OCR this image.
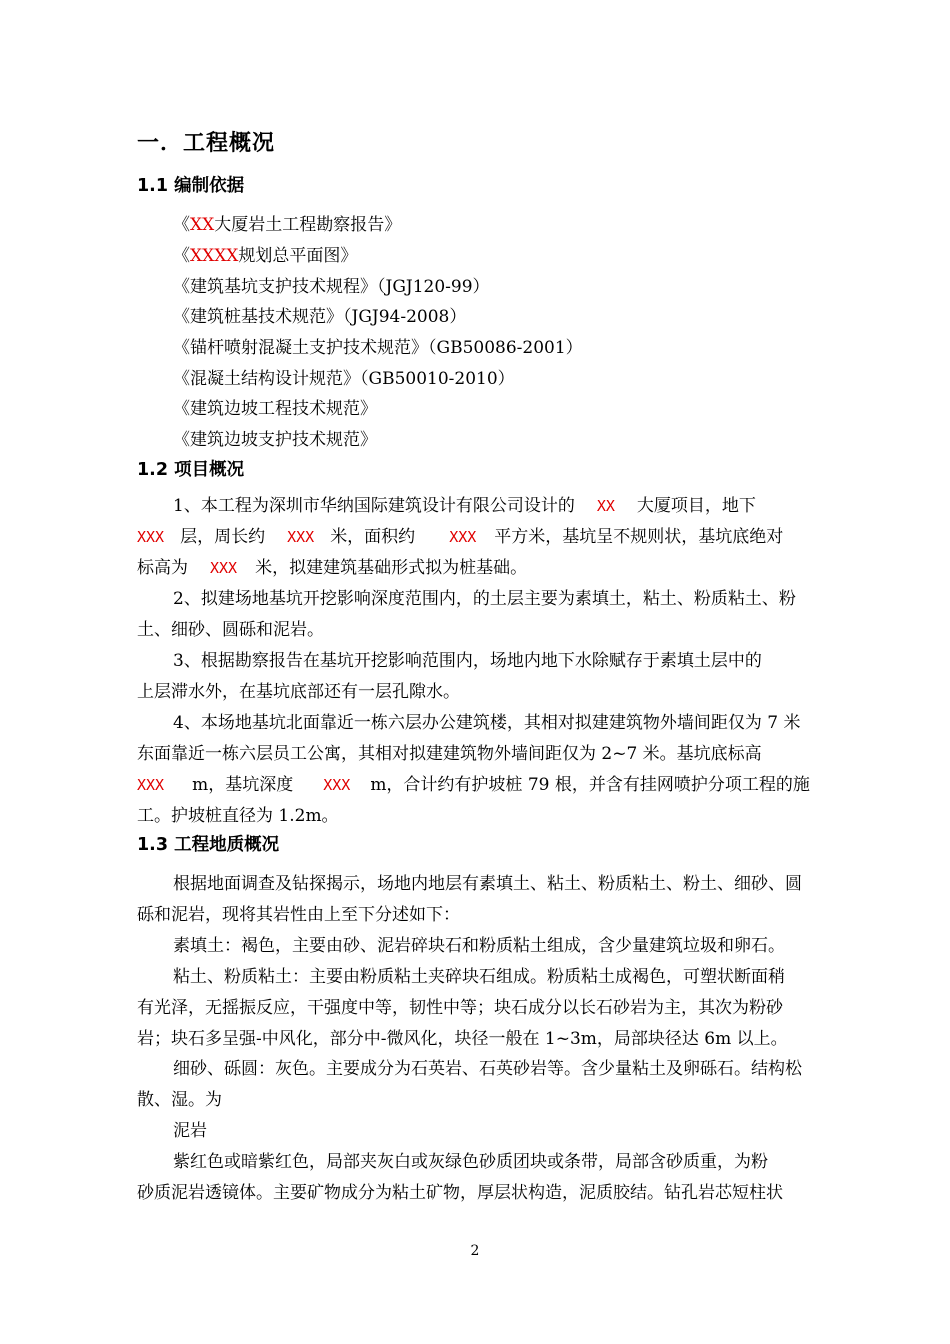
一．工程概况
1.1 编制依据
《XX大厦岩土工程勘察报告》
《XXXX规划总平面图》
《建筑基坑支护技术规程》（JGJ120-99）
《建筑桩基技术规范》（JGJ94-2008）
《锚杆喷射混凝土支护技术规范》（GB50086-2001）
《混凝土结构设计规范》（GB50010-2010）
《建筑边坡工程技术规范》
《建筑边坡支护技术规范》
1.2 项目概况
1、本工程为深圳市华纳国际建筑设计有限公司设计的 XX 大厦项目，地下
XXX 层，周长约 XXX 米，面积约 XXX 平方米，基坑呈不规则状，基坑底绝对
标高为 XXX 米，拟建建筑基础形式拟为桩基础。
2、拟建场地基坑开挖影响深度范围内，的土层主要为素填土，粘土、粉质粘土、粉
土、细砂、圆砾和泥岩。
3、根据勘察报告在基坑开挖影响范围内，场地内地下水除赋存于素填土层中的
上层滞水外，在基坑底部还有一层孔隙水。
4、本场地基坑北面靠近一栋六层办公建筑楼，其相对拟建建筑物外墙间距仅为 7 米
东面靠近一栋六层员工公寓，其相对拟建建筑物外墙间距仅为 2~7 米。基坑底标高
XXX m，基坑深度 XXX m，合计约有护坡桩 79 根，并含有挂网喷护分项工程的施
工。护坡桩直径为 1.2m。
1.3 工程地质概况
根据地面调查及钻探揭示，场地内地层有素填土、粘土、粉质粘土、粉土、细砂、圆
砾和泥岩，现将其岩性由上至下分述如下：
素填土：褐色，主要由砂、泥岩碎块石和粉质粘土组成，含少量建筑垃圾和卵石。
粘土、粉质粘土：主要由粉质粘土夹碎块石组成。粉质粘土成褐色，可塑状断面稍
有光泽，无摇振反应，干强度中等，韧性中等；块石成分以长石砂岩为主，其次为粉砂
岩；块石多呈强-中风化，部分中-微风化，块径一般在 1~3m，局部块径达 6m 以上。
细砂、砾圆：灰色。主要成分为石英岩、石英砂岩等。含少量粘土及卵砾石。结构松
散、湿。为
泥岩
紫红色或暗紫红色，局部夹灰白或灰绿色砂质团块或条带，局部含砂质重，为粉
砂质泥岩透镜体。主要矿物成分为粘土矿物，厚层状构造，泥质胶结。钻孔岩芯短柱状
2
